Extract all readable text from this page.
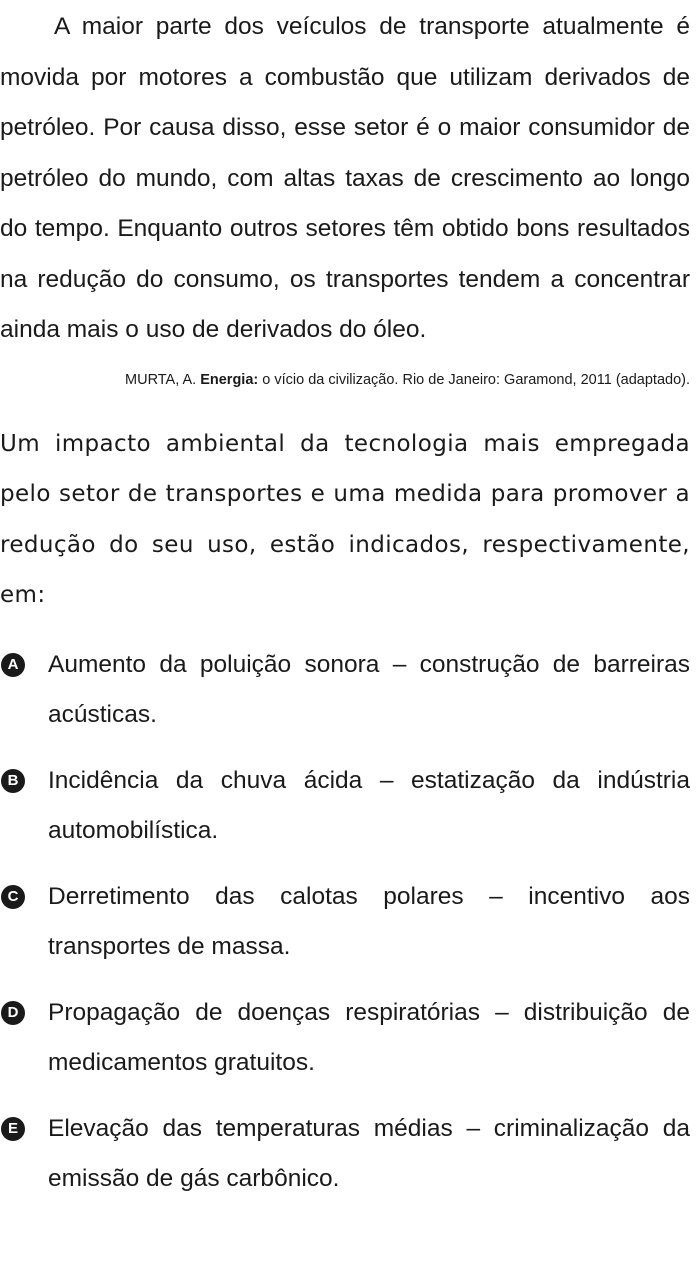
A maior parte dos veículos de transporte atualmente é movida por motores a combustão que utilizam derivados de petróleo. Por causa disso, esse setor é o maior consumidor de petróleo do mundo, com altas taxas de crescimento ao longo do tempo. Enquanto outros setores têm obtido bons resultados na redução do consumo, os transportes tendem a concentrar ainda mais o uso de derivados do óleo.

MURTA, A. Energia: o vício da civilização. Rio de Janeiro: Garamond, 2011 (adaptado).

Um impacto ambiental da tecnologia mais empregada pelo setor de transportes e uma medida para promover a redução do seu uso, estão indicados, respectivamente, em:

A Aumento da poluição sonora – construção de barreiras acústicas.
B Incidência da chuva ácida – estatização da indústria automobilística.
C Derretimento das calotas polares – incentivo aos transportes de massa.
D Propagação de doenças respiratórias – distribuição de medicamentos gratuitos.
E Elevação das temperaturas médias – criminalização da emissão de gás carbônico.
